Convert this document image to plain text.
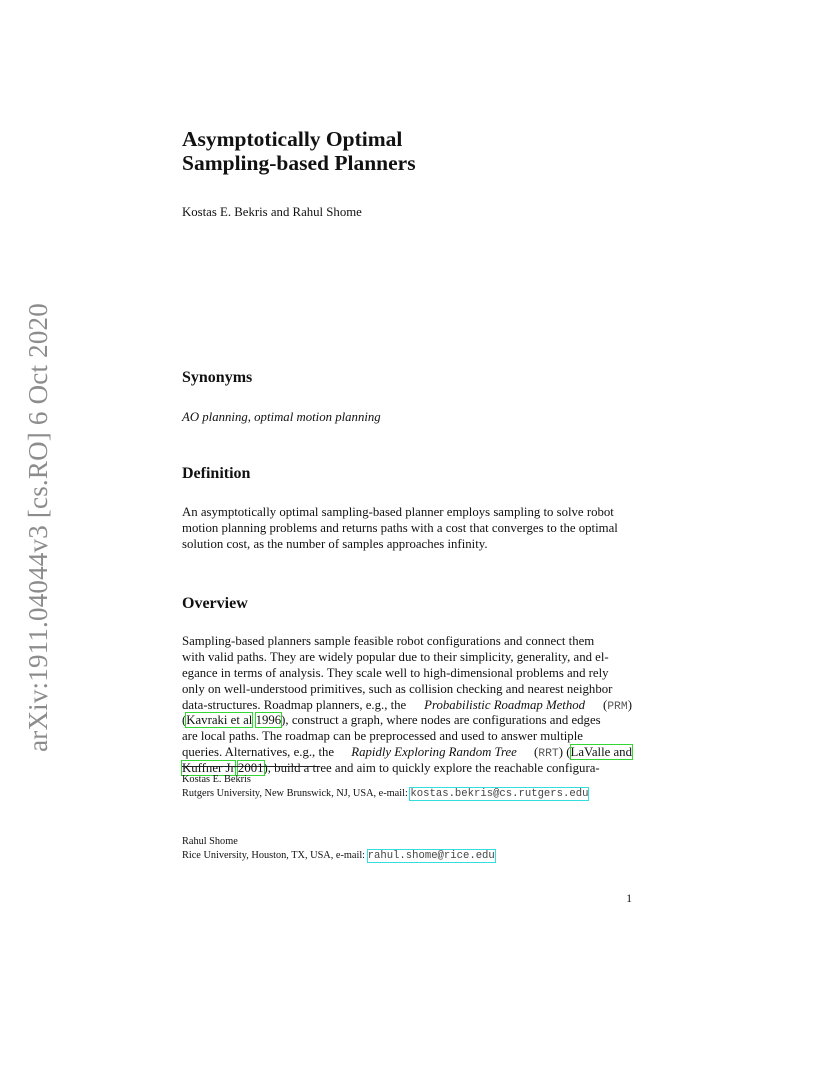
arXiv:1911.04044v3 [cs.RO] 6 Oct 2020
Asymptotically Optimal
Sampling-based Planners
Kostas E. Bekris and Rahul Shome
Synonyms
AO planning, optimal motion planning
Definition
An asymptotically optimal sampling-based planner employs sampling to solve robot
motion planning problems and returns paths with a cost that converges to the optimal
solution cost, as the number of samples approaches infinity.
Overview
Sampling-based planners sample feasible robot configurations and connect them
with valid paths. They are widely popular due to their simplicity, generality, and el-
egance in terms of analysis. They scale well to high-dimensional problems and rely
only on well-understood primitives, such as collision checking and nearest neighbor
data-structures. Roadmap planners, e.g., the Probabilistic Roadmap Method (PRM)
(Kavraki et al 1996), construct a graph, where nodes are configurations and edges
are local paths. The roadmap can be preprocessed and used to answer multiple
queries. Alternatives, e.g., the Rapidly Exploring Random Tree (RRT) (LaValle and
Kuffner Jr 2001), build a tree and aim to quickly explore the reachable configura-
Kostas E. Bekris
Rutgers University, New Brunswick, NJ, USA, e-mail: kostas.bekris@cs.rutgers.edu
Rahul Shome
Rice University, Houston, TX, USA, e-mail: rahul.shome@rice.edu
1
